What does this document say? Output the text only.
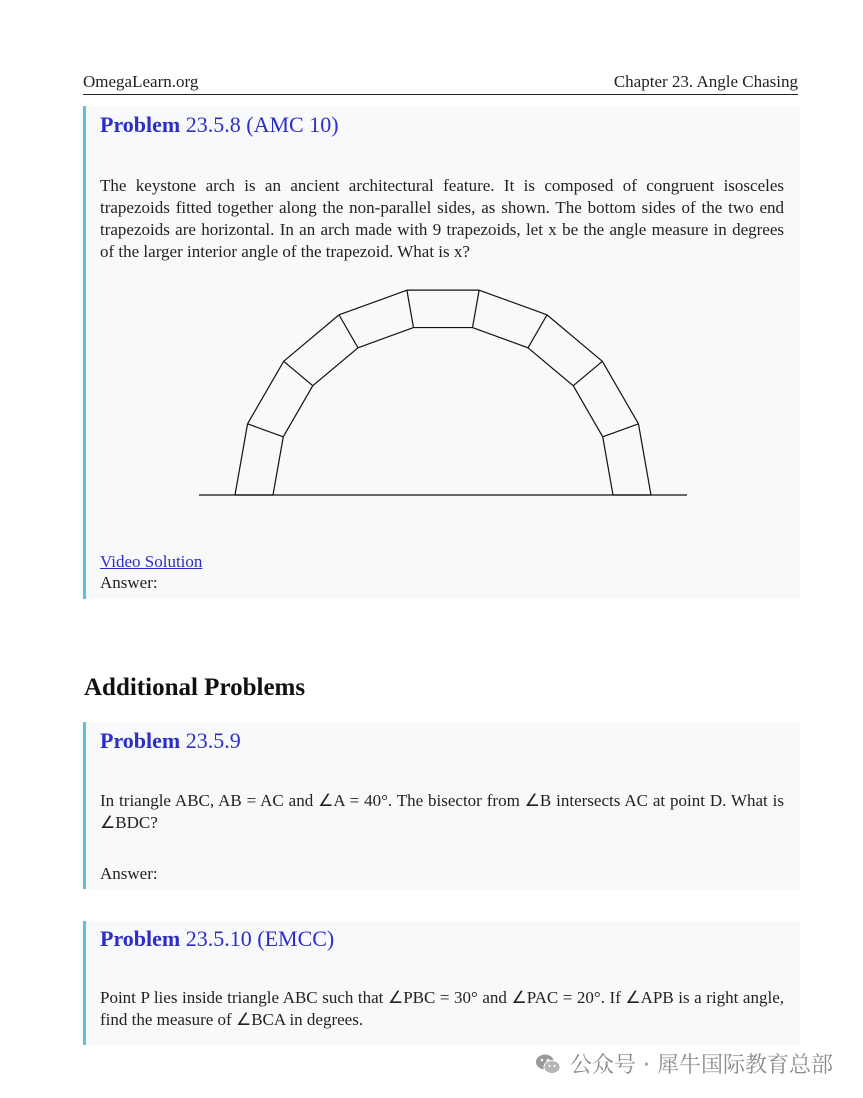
OmegaLearn.org	Chapter 23. Angle Chasing
Problem 23.5.8 (AMC 10)
The keystone arch is an ancient architectural feature. It is composed of congruent isosceles trapezoids fitted together along the non-parallel sides, as shown. The bottom sides of the two end trapezoids are horizontal. In an arch made with 9 trapezoids, let x be the angle measure in degrees of the larger interior angle of the trapezoid. What is x?
Video Solution
Answer:
Additional Problems
Problem 23.5.9
In triangle ABC, AB = AC and ∠A = 40°. The bisector from ∠B intersects AC at point D. What is ∠BDC?
Answer:
Problem 23.5.10 (EMCC)
Point P lies inside triangle ABC such that ∠PBC = 30° and ∠PAC = 20°. If ∠APB is a right angle, find the measure of ∠BCA in degrees.
公众号 · 犀牛国际教育总部
